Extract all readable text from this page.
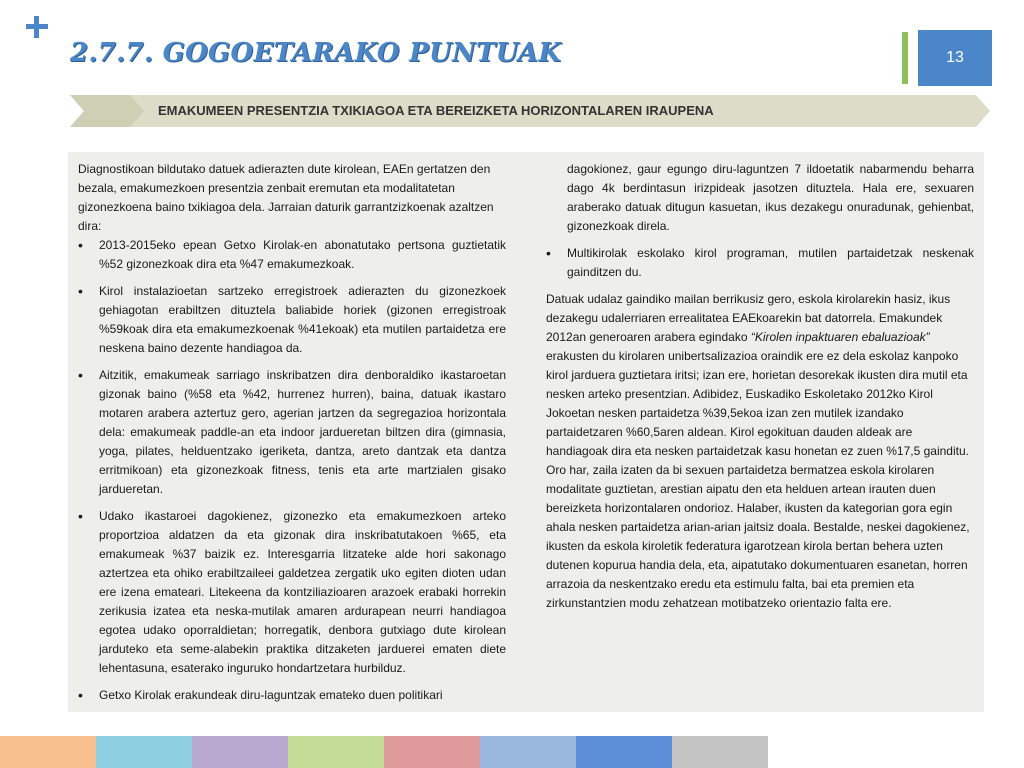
2.7.7. GOGOETARAKO PUNTUAK	13
EMAKUMEEN PRESENTZIA TXIKIAGOA ETA BEREIZKETA HORIZONTALAREN IRAUPENA

Diagnostikoan bildutako datuek adierazten dute kirolean, EAEn gertatzen den bezala, emakumezkoen presentzia zenbait eremutan eta modalitatetan gizonezkoena baino txikiagoa dela. Jarraian daturik garrantzizkoenak azaltzen dira:

• 2013-2015eko epean Getxo Kirolak-en abonatutako pertsona guztietatik %52 gizonezkoak dira eta %47 emakumezkoak.
• Kirol instalazioetan sartzeko erregistroek adierazten du gizonezkoek gehiagotan erabiltzen dituztela baliabide horiek (gizonen erregistroak %59koak dira eta emakumezkoenak %41ekoak) eta mutilen partaidetza ere neskena baino dezente handiagoa da.
• Aitzitik, emakumeak sarriago inskribatzen dira denboraldiko ikastaroetan gizonak baino (%58 eta %42, hurrenez hurren), baina, datuak ikastaro motaren arabera aztertuz gero, agerian jartzen da segregazioa horizontala dela: emakumeak paddle-an eta indoor jardueretan biltzen dira (gimnasia, yoga, pilates, helduentzako igeriketa, dantza, areto dantzak eta dantza erritmikoan) eta gizonezkoak fitness, tenis eta arte martzialen gisako jardueretan.
• Udako ikastaroei dagokienez, gizonezko eta emakumezkoen arteko proportzioa aldatzen da eta gizonak dira inskribatutakoen %65, eta emakumeak %37 baizik ez. Interesgarria litzateke alde hori sakonago aztertzea eta ohiko erabiltzaileei galdetzea zergatik uko egiten dioten udan ere izena emateari. Litekeena da kontziliazioaren arazoek erabaki horrekin zerikusia izatea eta neska-mutilak amaren ardurapean neurri handiagoa egotea udako oporraldietan; horregatik, denbora gutxiago dute kirolean jarduteko eta seme-alabekin praktika ditzaketen jarduerei ematen diete lehentasuna, esaterako inguruko hondartzetara hurbilduz.
• Getxo Kirolak erakundeak diru-laguntzak emateko duen politikari
dagokionez, gaur egungo diru-laguntzen 7 ildoetatik nabarmendu beharra dago 4k berdintasun irizpideak jasotzen dituztela. Hala ere, sexuaren araberako datuak ditugun kasuetan, ikus dezakegu onuradunak, gehienbat, gizonezkoak direla.
• Multikirolak eskolako kirol programan, mutilen partaidetzak neskenak gainditzen du.

Datuak udalaz gaindiko mailan berrikusiz gero, eskola kirolarekin hasiz, ikus dezakegu udalerriaren errealitatea EAEkoarekin bat datorrela. Emakundek 2012an generoaren arabera egindako “Kirolen inpaktuaren ebaluazioak” erakusten du kirolaren unibertsalizazioa oraindik ere ez dela eskolaz kanpoko kirol jarduera guztietara iritsi; izan ere, horietan desorekak ikusten dira mutil eta nesken arteko presentzian. Adibidez, Euskadiko Eskoletako 2012ko Kirol Jokoetan nesken partaidetza %39,5ekoa izan zen mutilek izandako partaidetzaren %60,5aren aldean. Kirol egokituan dauden aldeak are handiagoak dira eta nesken partaidetzak kasu honetan ez zuen %17,5 gainditu.

Oro har, zaila izaten da bi sexuen partaidetza bermatzea eskola kirolaren modalitate guztietan, arestian aipatu den eta helduen artean irauten duen bereizketa horizontalaren ondorioz. Halaber, ikusten da kategorian gora egin ahala nesken partaidetza arian-arian jaitsiz doala. Bestalde, neskei dagokienez, ikusten da eskola kiroletik federatura igarotzean kirola bertan behera uzten dutenen kopurua handia dela, eta, aipatutako dokumentuaren esanetan, horren arrazoia da neskentzako eredu eta estimulu falta, bai eta premien eta zirkunstantzien modu zehatzean motibatzeko orientazio falta ere.
